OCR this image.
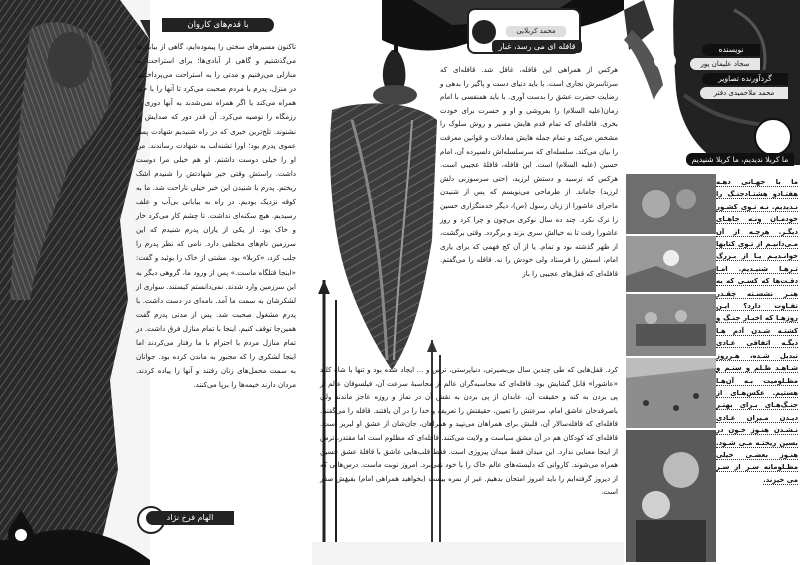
با قدم‌های کاروان

تاکنون مسیرهای سختی را پیموده‌ایم، گاهی از بیابان‌ها می‌گذشتیم و گاهی از آبادی‌ها؛ برای استراحت به منازلی می‌رفتیم و مدتی را به استراحت می‌پرداختیم. در منزل، پدرم با مردم صحبت می‌کرد تا آنها را با خود همراه می‌کند یا اگر همراه نمی‌شدند به آنها دوری از رزمگاه را توصیه می‌کرد. آن قدر دور که صدایش را نشنوند. تلخ‌ترین خبری که در راه شنیدیم شهادت پسر عموی پدرم بود؛ اورا تشنه‌لب به شهادت رساندند. من او را خیلی دوست داشتم. او هم خیلی مرا دوست داشت. راستش وقتی خبر شهادتش را شنیدم اشک ریختم. پدرم با شنیدن این خبر خیلی ناراحت شد. ما به کوفه نزدیک بودیم. در راه به بیابانی بی‌آب و علف رسیدیم. هیچ سکنه‌ای نداشت. تا چشم کار می‌کرد خار و خاک بود. از یکی از یاران پدرم شنیدم که این سرزمین نام‌های مختلفی دارد. نامی که نظر پدرم را جلب کرد، «کربلا» بود. مشتی از خاک را بوئید و گفت: «اینجا قتلگاه ماست.» پس از ورود ما، گروهی دیگر به این سرزمین وارد شدند. نمی‌دانستم کیستند. سواری از لشکرشان به سمت ما آمد. نامه‌ای در دست داشت. با پدرم مشغول صحبت شد. پس از مدتی پدرم گفت همین‌جا توقف کنیم. اینجا با تمام منازل فرق داشت. در تمام منازل مردم با احترام با ما رفتار می‌کردند اما اینجا لشکری را که مجبور به ماندن کرده بود. جوانان به سمت محمل‌های زنان رفتند و آنها را پیاده کردند. مردان دارند خیمه‌ها را برپا می‌کنند.

الهام فرخ نژاد
محمد کربلایی
قافله ای می رسد، غبار ندارد
هرکس از همراهی این قافله، غافل شد. قافله‌ای که سرتاسرش تجاری است. با باید دنیای دست و پاگیر را بدهی و رضایت حضرت عشق را بدست آوری. با باید همنفسی با امام زمان(علیه السلام) را بفروشی و او و حسرت برای خودت بخری. قافله‌ای که تمام قدم هایش مسیر و روش سلوک را مشخص می‌کند و تمام جمله هایش معادلات و قوانین معرفت را بیان می‌کند. سلسله‌ای که سرسلسله‌اش دلسپرده آن، امام حسین (علیه السلام) است. این قافله، قافلهٔ عجیبی است. هرکس که ترسید و دستش لرزید، (حتی سرسوزنی دلش لرزید) جاماند. از طرماحی می‌نویسم که پس از شنیدن ماجرای عاشورا از زبان رسول (ص)، دیگر خدمتگزاری حسین را ترک نکرد. چند ده سال نوکری بی‌چون و چرا کرد و روز عاشورا رفت تا به خیالش سری بزند و برگردد. وقتی برگشت، از ظهر گذشته بود و تمام. یا از آن کج فهمی که برای یاری امام، اسبش را فرستاد ولی خودش را نه. قافله را می‌گفتم. قافله‌ای که قفل‌های عجیبی را باز
کرد. قفل‌هایی که طی چندین سال بی‌بصیرتی، دنیاپرستی، ترس و ... ایجاد شده بود و تنها با شاه کلید «عاشورا» قابل گشایش بود. قافله‌ای که محاسبه‌گران عالم از محاسبهٔ سرعت آن، فیلسوفان عالم از پی بردن به کنه و حقیقت آن، عابدان از پی بردن به نقش آن در نماز و روزه عاجز ماندند ولی باصرفدخان عاشق امام، سرعتش را تعیین، حقیقتش را تعریف و خدا را در آن یافتند. قافله را می‌گفتم. قافله‌ای که قافله‌سالار آن، قلبش برای همراهان می‌تپید و همراهان، جان‌شان از عشق او لبریز است. قافله‌ای که کودکان هم در آن مشق سیاست و ولایت می‌کنند. قافله‌ای که مظلوم است اما مقتدر، ترس از اینجا معنایی ندارد. این میدان فقط میدان پیروزی است. فقط قلب‌هایی عاشق با قافلهٔ عشق حسین همراه می‌شوند. کاروانی که دلبسته‌های عالم خاک را با خود نمی‌برد. امروز نوبت ماست. درس‌هایی که از دیروز گرفته‌ایم را باید امروز امتحان بدهیم. غیر از نمره بیست (بخواهید همراهی امام) بقیهٔش صفر است.
نویسنده
سجاد علیمان پور
گردآورنده تصاویر
محمد ملاحمیدی دفتر
ما کربلا ندیدیم، ما کربلا شنیدیم
ما با جهـانی دهـه هفتـادو هشتـادجنـگ را نـدیدیم. نـه تـوی کشـور خودمـان ونـه جاهـای دیگـر. هرچـه از آن مـی‌دانیـم از تـوی کتابها خوانـدیـم یـا از بـزرگ تـرهـا شنیـدیم. امـا دقـت‌ها که کسـی که به هنـر نشسـته چقـدر تفـاوت دارد؟ ایـن روزهـا که اخبـار جنـگ و کشتـه شـدن آدم هـا دیگـه اتفاقی عـادی تبدیل شـده، هـرروز شـاهـد ظـلم و ستـم و مظـلومیت بـه آن‌هـا هستیم. عکس‌هـای از جنـگ‌هـای بـرای بهتـر دیـدن مـیزان عـادی نـشـدن هنـوز خـون در بسین ریختـه مـی شـود. هنـوز بعضـی خیلی مظـلومانه سـر از سـر می خیزند.
